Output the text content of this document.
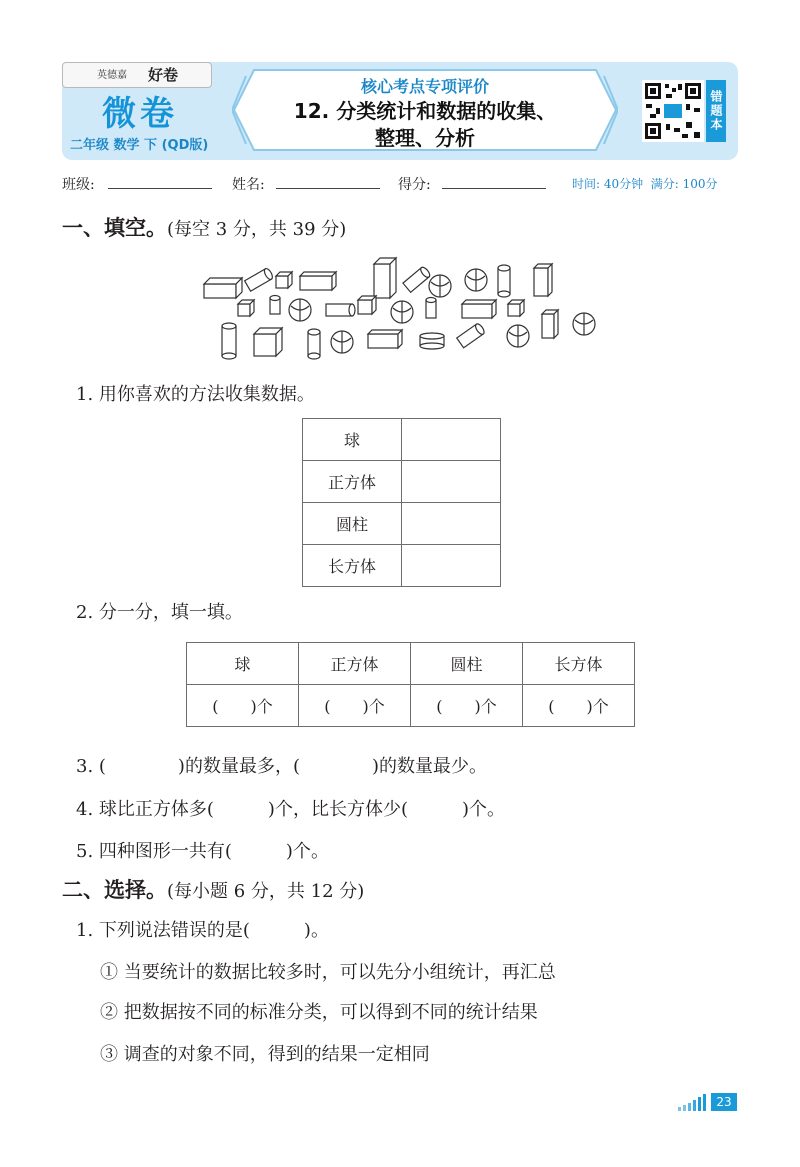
英德嘉	好卷
微卷
二年级 数学 下 (QD版)
核心考点专项评价
12. 分类统计和数据的收集、
整理、分析
错题本
班级:	姓名:	得分:	时间: 40分钟 满分: 100分
一、填空。(每空 3 分，共 39 分)
1. 用你喜欢的方法收集数据。
球	
正方体	
圆柱	
长方体	
2. 分一分，填一填。
球	正方体	圆柱	长方体
(　　)个	(　　)个	(　　)个	(　　)个
3. (　　　　)的数量最多，(　　　　)的数量最少。
4. 球比正方体多(　　　)个，比长方体少(　　　)个。
5. 四种图形一共有(　　　)个。
二、选择。(每小题 6 分，共 12 分)
1. 下列说法错误的是(　　　)。
① 当要统计的数据比较多时，可以先分小组统计，再汇总
② 把数据按不同的标准分类，可以得到不同的统计结果
③ 调查的对象不同，得到的结果一定相同
23
